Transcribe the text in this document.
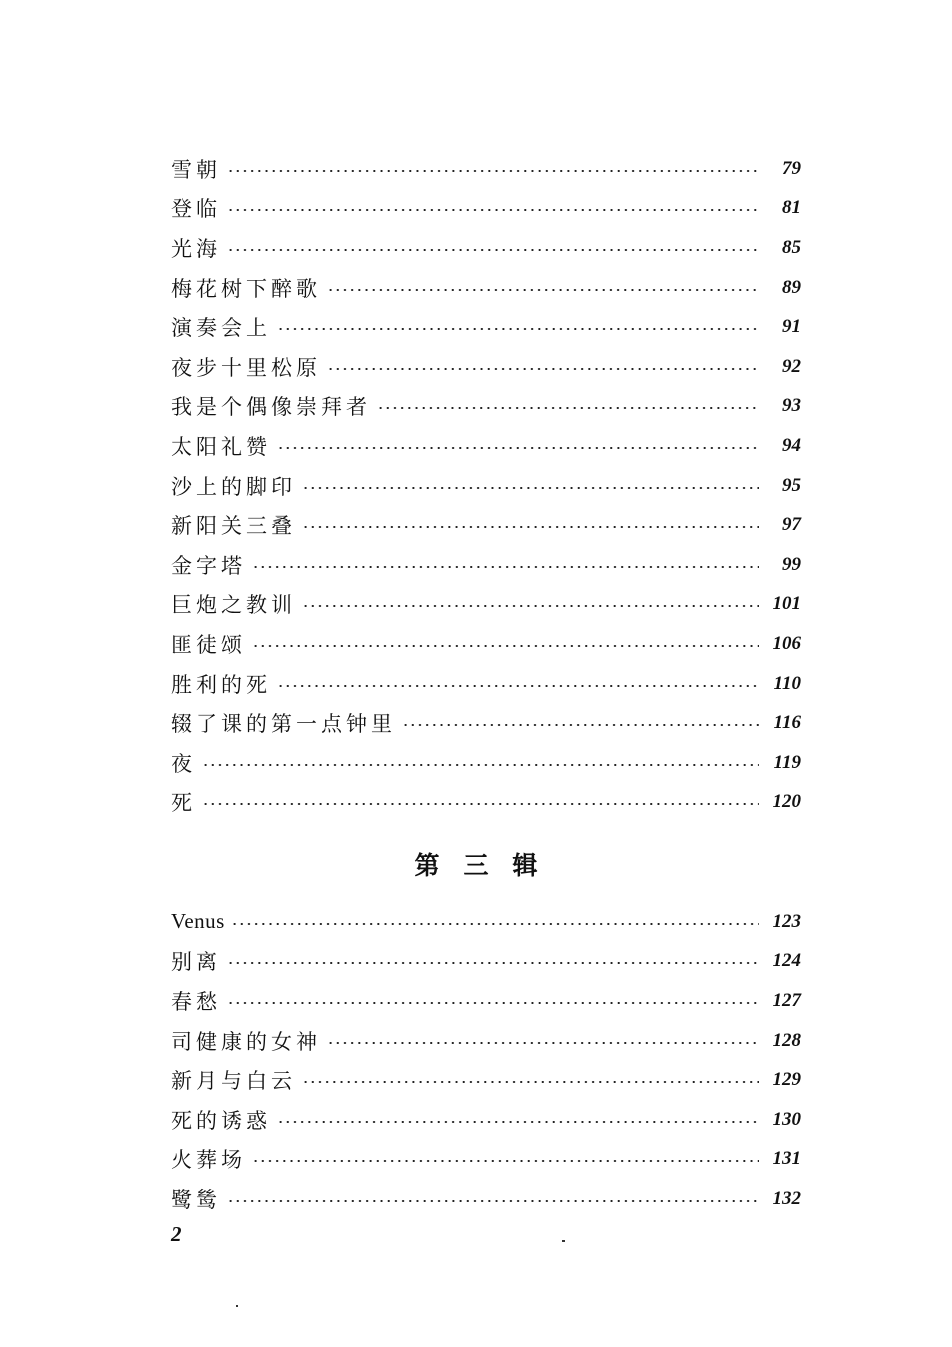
雪朝	79
登临	81
光海	85
梅花树下醉歌	89
演奏会上	91
夜步十里松原	92
我是个偶像崇拜者	93
太阳礼赞	94
沙上的脚印	95
新阳关三叠	97
金字塔	99
巨炮之教训	101
匪徒颂	106
胜利的死	110
辍了课的第一点钟里	116
夜	119
死	120
第三辑
Venus	123
别离	124
春愁	127
司健康的女神	128
新月与白云	129
死的诱惑	130
火葬场	131
鹭鸶	132
2
